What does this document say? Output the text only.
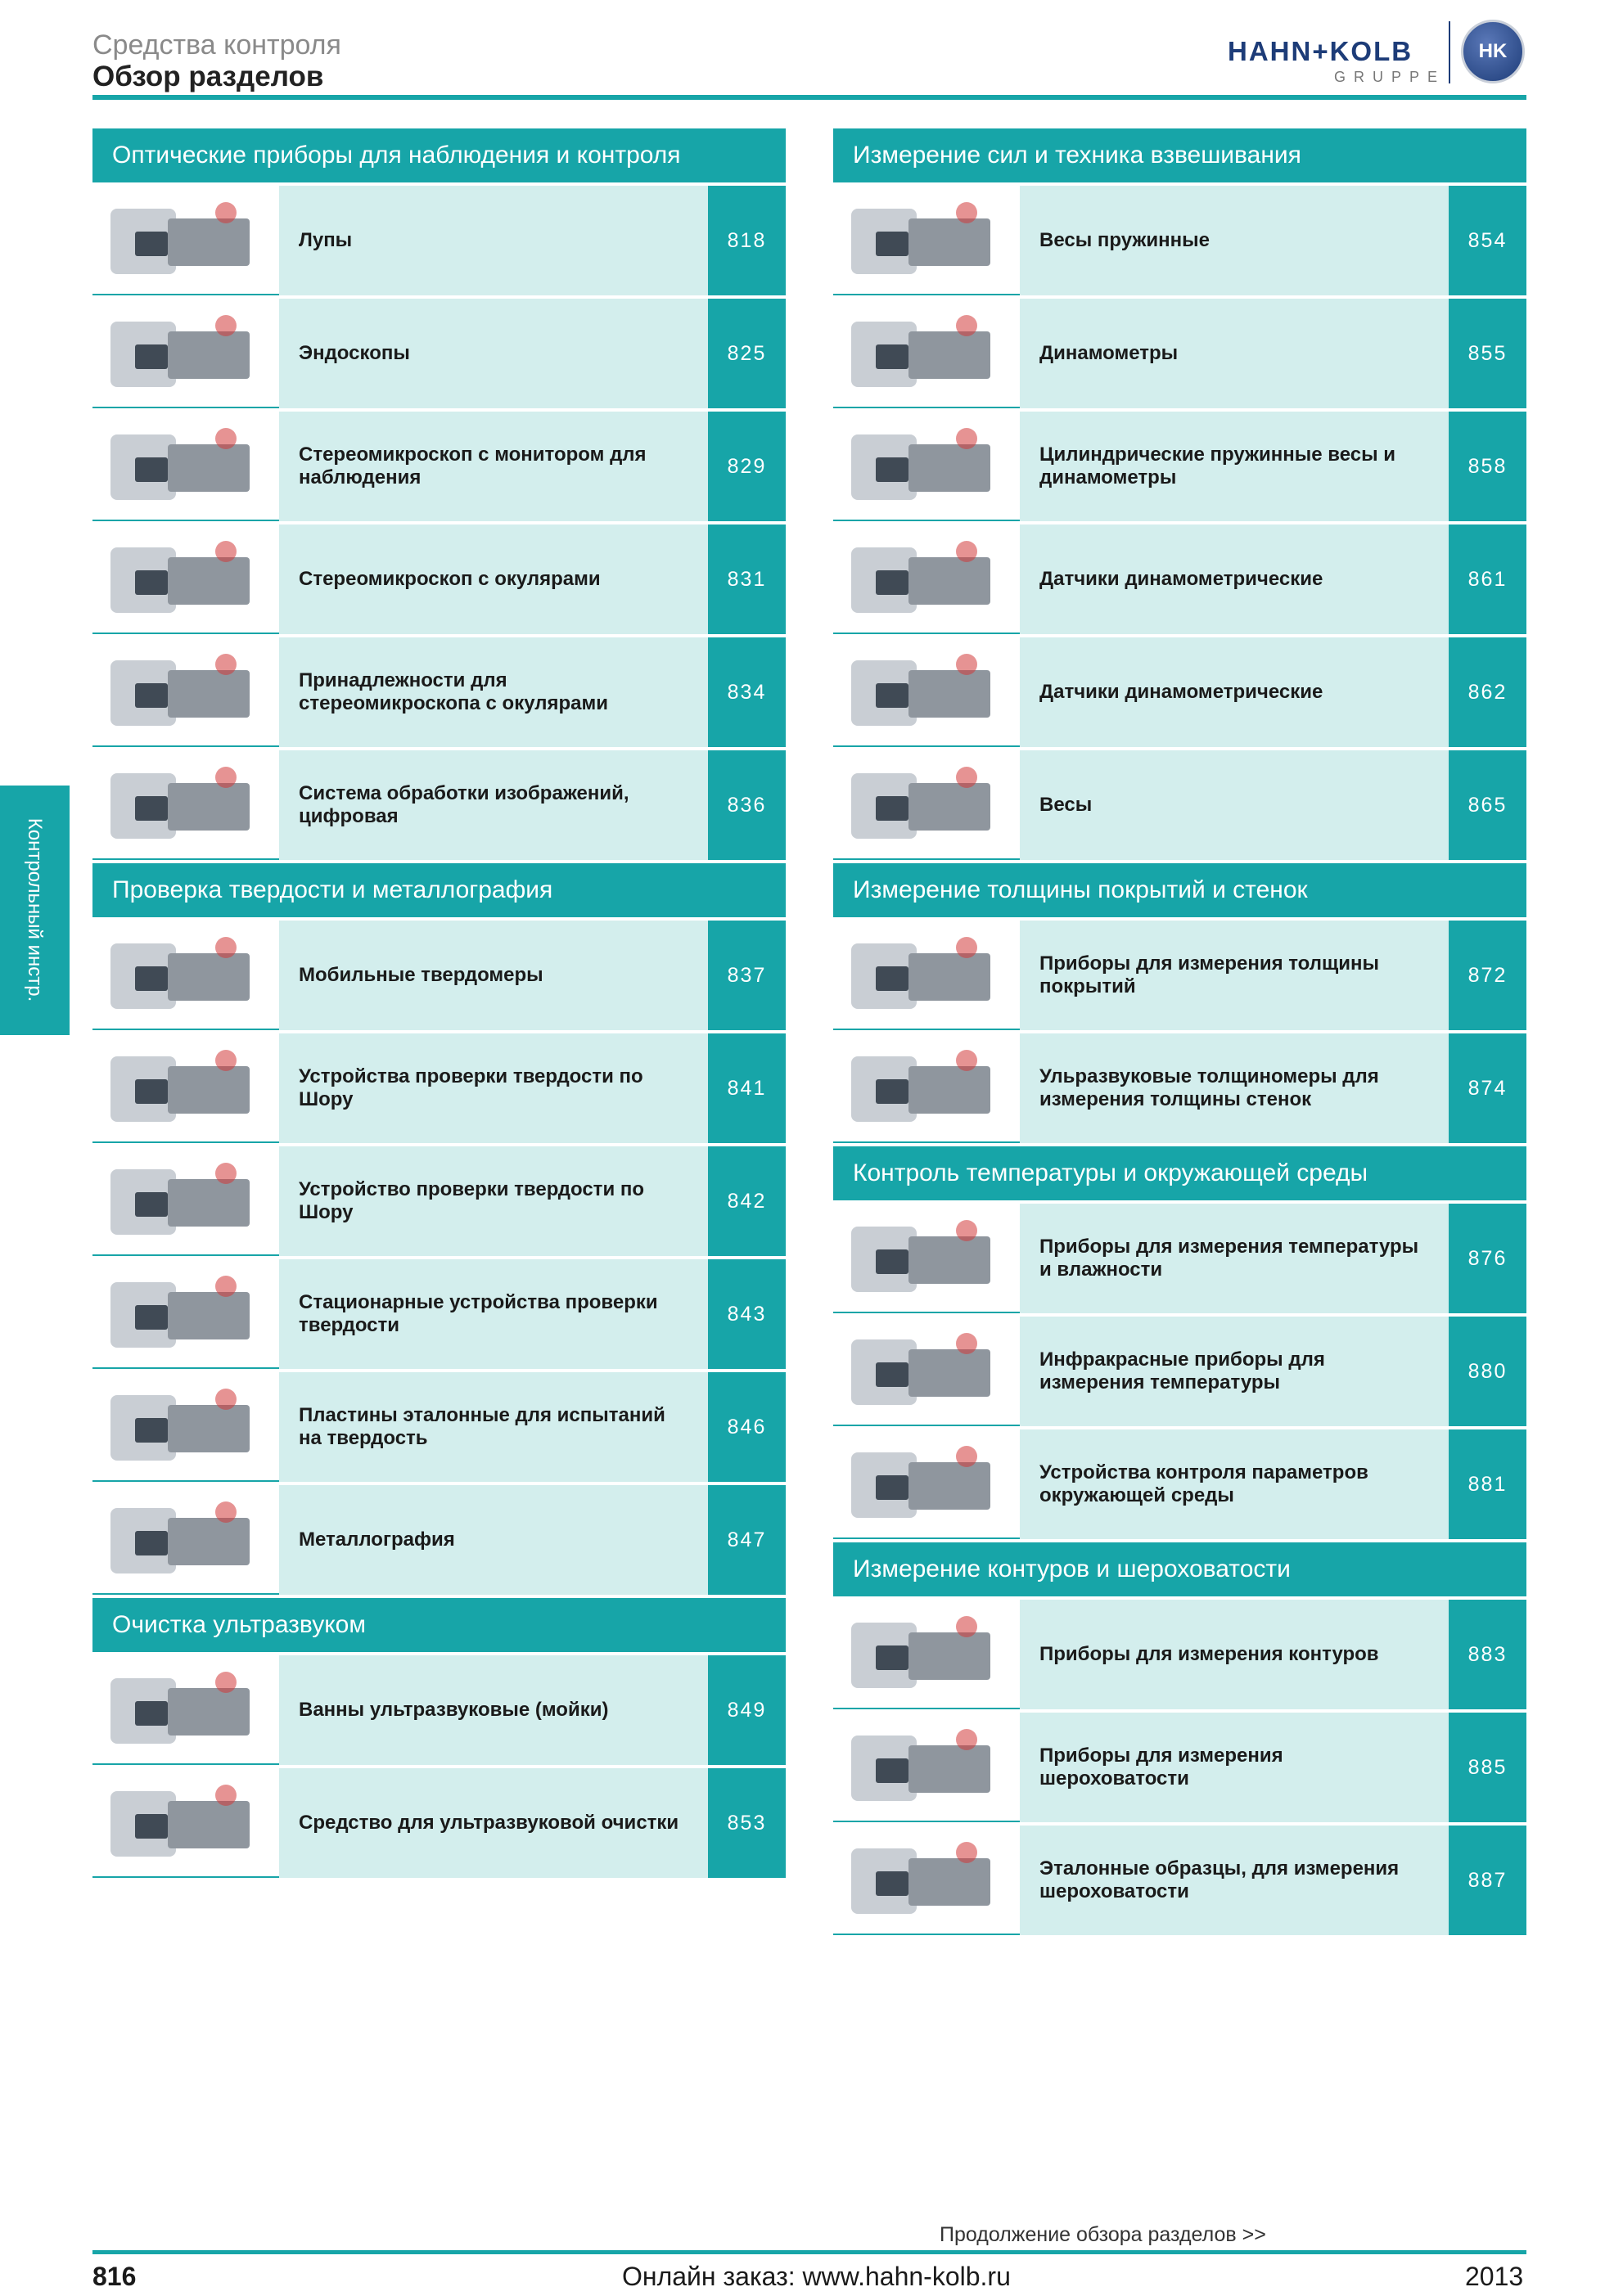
Средства контроля
Обзор разделов
HAHN+KOLB
GRUPPE
HK
Контрольный инстр.
Оптические приборы для наблюдения и контроля
Лупы	818
Эндоскопы	825
Стереомикроскоп с монитором для наблюдения	829
Стереомикроскоп с окулярами	831
Принадлежности для стереомикроскопа с окулярами	834
Система обработки изображений, цифровая	836
Проверка твердости и металлография
Мобильные твердомеры	837
Устройства проверки твердости по Шору	841
Устройство проверки твердости по Шору	842
Стационарные устройства проверки твердости	843
Пластины эталонные для испытаний на твердость	846
Металлография	847
Очистка ультразвуком
Ванны ультразвуковые (мойки)	849
Средство для ультразвуковой очистки	853
Измерение сил и техника взвешивания
Весы пружинные	854
Динамометры	855
Цилиндрические пружинные весы и динамометры	858
Датчики динамометрические	861
Датчики динамометрические	862
Весы	865
Измерение толщины покрытий и стенок
Приборы для измерения толщины покрытий	872
Ульразвуковые толщиномеры для измерения толщины стенок	874
Контроль температуры и окружающей среды
Приборы для измерения температуры и влажности	876
Инфракрасные приборы для измерения температуры	880
Устройства контроля параметров окружающей среды	881
Измерение контуров и шероховатости
Приборы для измерения контуров	883
Приборы для измерения шероховатости	885
Эталонные образцы, для измерения шероховатости	887
Продолжение обзора разделов >>
816	Онлайн заказ: www.hahn-kolb.ru	2013
